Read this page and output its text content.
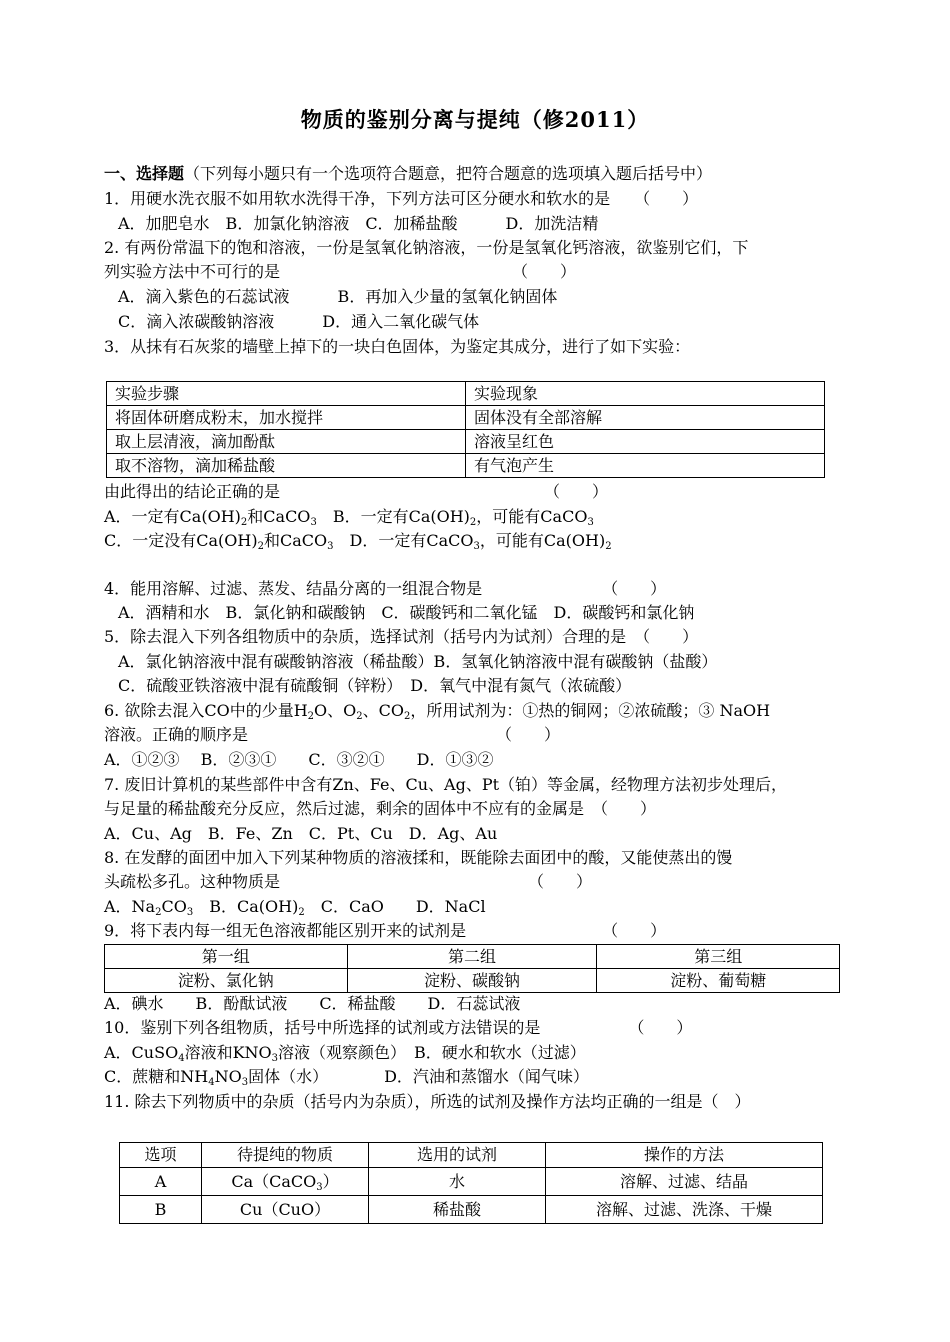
物质的鉴别分离与提纯（修2011）
一、选择题（下列每小题只有一个选项符合题意，把符合题意的选项填入题后括号中）
1．用硬水洗衣服不如用软水洗得干净，下列方法可区分硬水和软水的是　　（　　）
A．加肥皂水　B．加氯化钠溶液　C．加稀盐酸　　　D．加洗洁精
2. 有两份常温下的饱和溶液，一份是氢氧化钠溶液，一份是氢氧化钙溶液，欲鉴别它们，下
列实验方法中不可行的是　　　　　　　　　　　　　　　（　　）
A．滴入紫色的石蕊试液　　　B．再加入少量的氢氧化钠固体
C．滴入浓碳酸钠溶液　　　D．通入二氧化碳气体
3．从抹有石灰浆的墙壁上掉下的一块白色固体，为鉴定其成分，进行了如下实验：
实验步骤	实验现象
将固体研磨成粉末，加水搅拌	固体没有全部溶解
取上层清液，滴加酚酞	溶液呈红色
取不溶物，滴加稀盐酸	有气泡产生
由此得出的结论正确的是　　　　　　　　　　　　　　　　　（　　）
A．一定有$Ca(OH)_2$和CaCO$_3$　B．一定有$Ca(OH)_2$，可能有CaCO$_3$
C．一定没有$Ca(OH)_2$和CaCO$_3$　D．一定有CaCO$_3$，可能有$Ca(OH)_2$
4．能用溶解、过滤、蒸发、结晶分离的一组混合物是　　　　　　　　（　　）
A．酒精和水　B．氯化钠和碳酸钠　C．碳酸钙和二氧化锰　D．碳酸钙和氯化钠
5．除去混入下列各组物质中的杂质，选择试剂（括号内为试剂）合理的是　（　　）
A．氯化钠溶液中混有碳酸钠溶液（稀盐酸）B．氢氧化钠溶液中混有碳酸钠（盐酸）
C．硫酸亚铁溶液中混有硫酸铜（锌粉）　D．氧气中混有氮气（浓硫酸）
6. 欲除去混入CO中的少量$H_2O$、$O_2$、$CO_2$，所用试剂为：①热的铜网；②浓硫酸；③ NaOH
溶液。正确的顺序是　　　　　　　　　　　　　　　　（　　）
A．①②③　 B．②③①　　C．③②①　　D．①③②
7. 废旧计算机的某些部件中含有Zn、Fe、Cu、Ag、Pt（铂）等金属，经物理方法初步处理后，
与足量的稀盐酸充分反应，然后过滤，剩余的固体中不应有的金属是　（　　）
A．Cu、Ag　B．Fe、Zn　C．Pt、Cu　D．Ag、Au
8. 在发酵的面团中加入下列某种物质的溶液揉和，既能除去面团中的酸，又能使蒸出的馒
头疏松多孔。这种物质是　　　　　　　　　　　　　　　　（　　）
A．$Na_2CO_3$　B．$Ca(OH)_2$　C．CaO　　D．NaCl
9．将下表内每一组无色溶液都能区别开来的试剂是　　　　　　　　　（　　）
第一组	第二组	第三组
淀粉、氯化钠	淀粉、碳酸钠	淀粉、葡萄糖
A．碘水　　B．酚酞试液　　C．稀盐酸　　D．石蕊试液
10．鉴别下列各组物质，括号中所选择的试剂或方法错误的是　　　　　　（　　）
A．CuSO$_4$溶液和$KNO_3$溶液（观察颜色）　B．硬水和软水（过滤）
C．蔗糖和$NH_4NO_3$固体（水）　　　　D．汽油和蒸馏水（闻气味）
11. 除去下列物质中的杂质（括号内为杂质），所选的试剂及操作方法均正确的一组是（　）
选项	待提纯的物质	选用的试剂	操作的方法
A	Ca（CaCO$_3$）	水	溶解、过滤、结晶
B	Cu（CuO）	稀盐酸	溶解、过滤、洗涤、干燥
